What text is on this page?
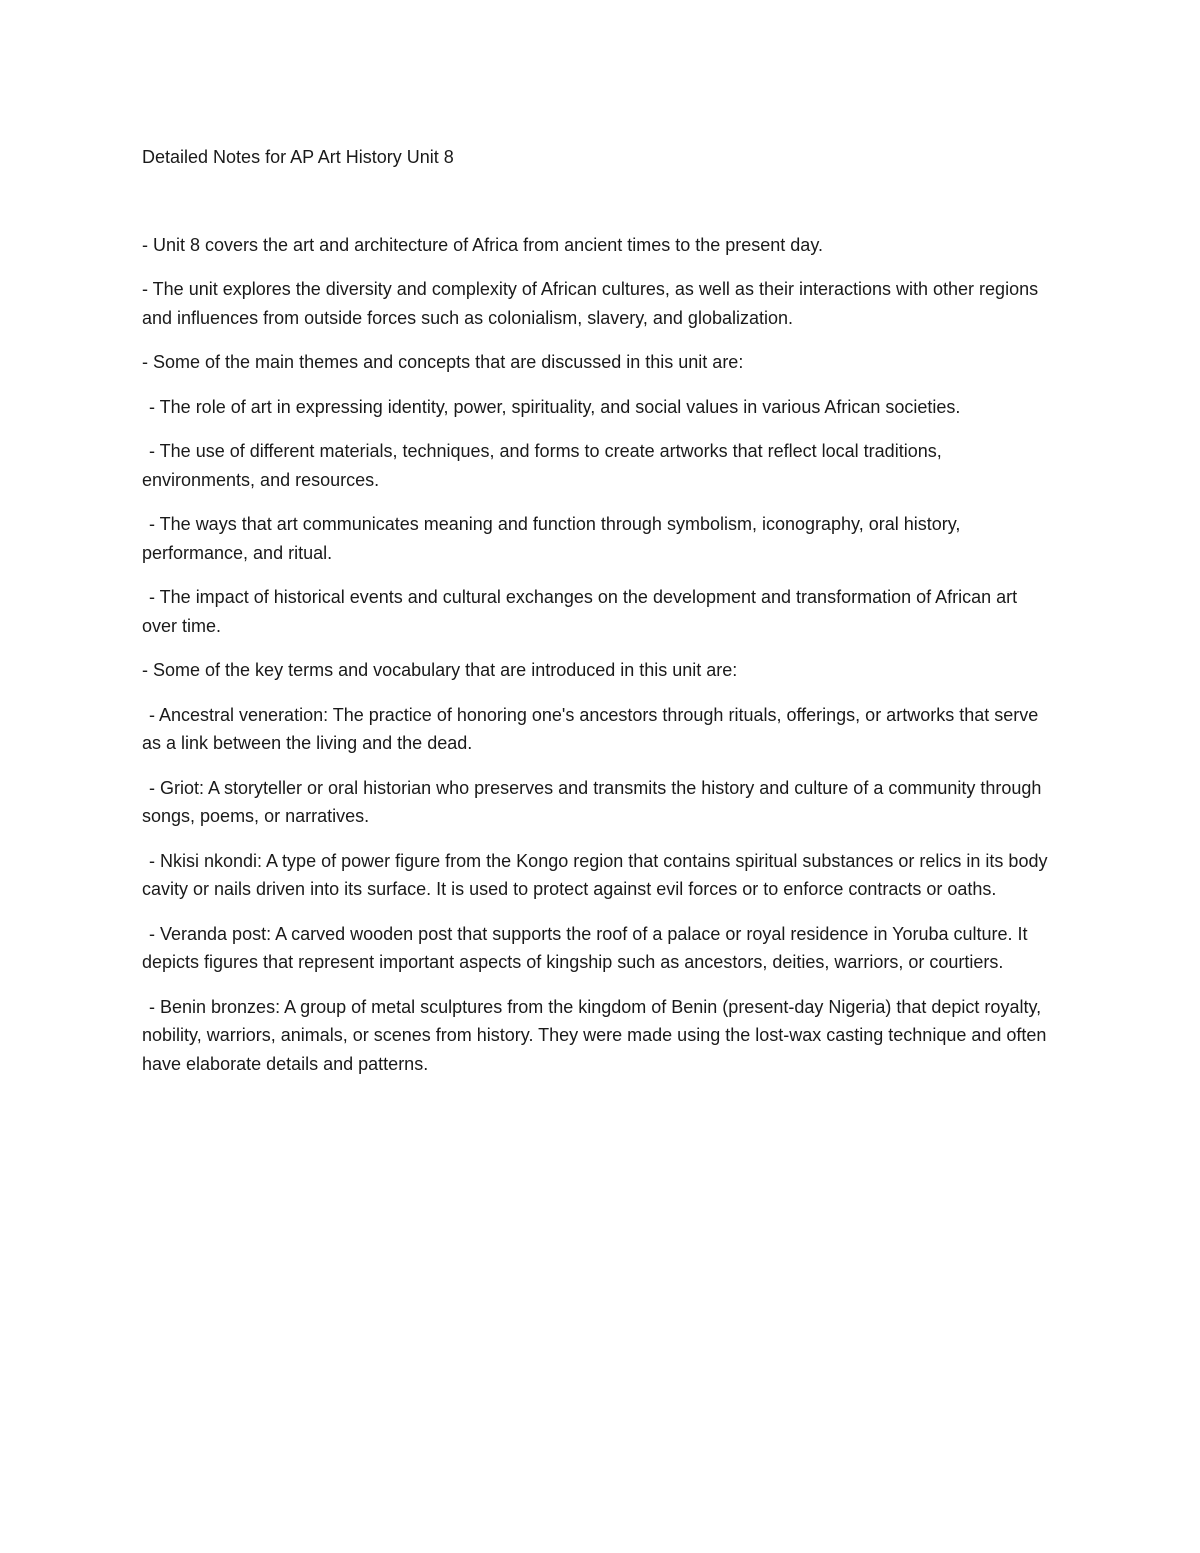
Detailed Notes for AP Art History Unit 8

- Unit 8 covers the art and architecture of Africa from ancient times to the present day.

- The unit explores the diversity and complexity of African cultures, as well as their interactions with other regions and influences from outside forces such as colonialism, slavery, and globalization.

- Some of the main themes and concepts that are discussed in this unit are:

- The role of art in expressing identity, power, spirituality, and social values in various African societies.

- The use of different materials, techniques, and forms to create artworks that reflect local traditions, environments, and resources.

- The ways that art communicates meaning and function through symbolism, iconography, oral history, performance, and ritual.

- The impact of historical events and cultural exchanges on the development and transformation of African art over time.

- Some of the key terms and vocabulary that are introduced in this unit are:

- Ancestral veneration: The practice of honoring one's ancestors through rituals, offerings, or artworks that serve as a link between the living and the dead.

- Griot: A storyteller or oral historian who preserves and transmits the history and culture of a community through songs, poems, or narratives.

- Nkisi nkondi: A type of power figure from the Kongo region that contains spiritual substances or relics in its body cavity or nails driven into its surface. It is used to protect against evil forces or to enforce contracts or oaths.

- Veranda post: A carved wooden post that supports the roof of a palace or royal residence in Yoruba culture. It depicts figures that represent important aspects of kingship such as ancestors, deities, warriors, or courtiers.

- Benin bronzes: A group of metal sculptures from the kingdom of Benin (present-day Nigeria) that depict royalty, nobility, warriors, animals, or scenes from history. They were made using the lost-wax casting technique and often have elaborate details and patterns.
